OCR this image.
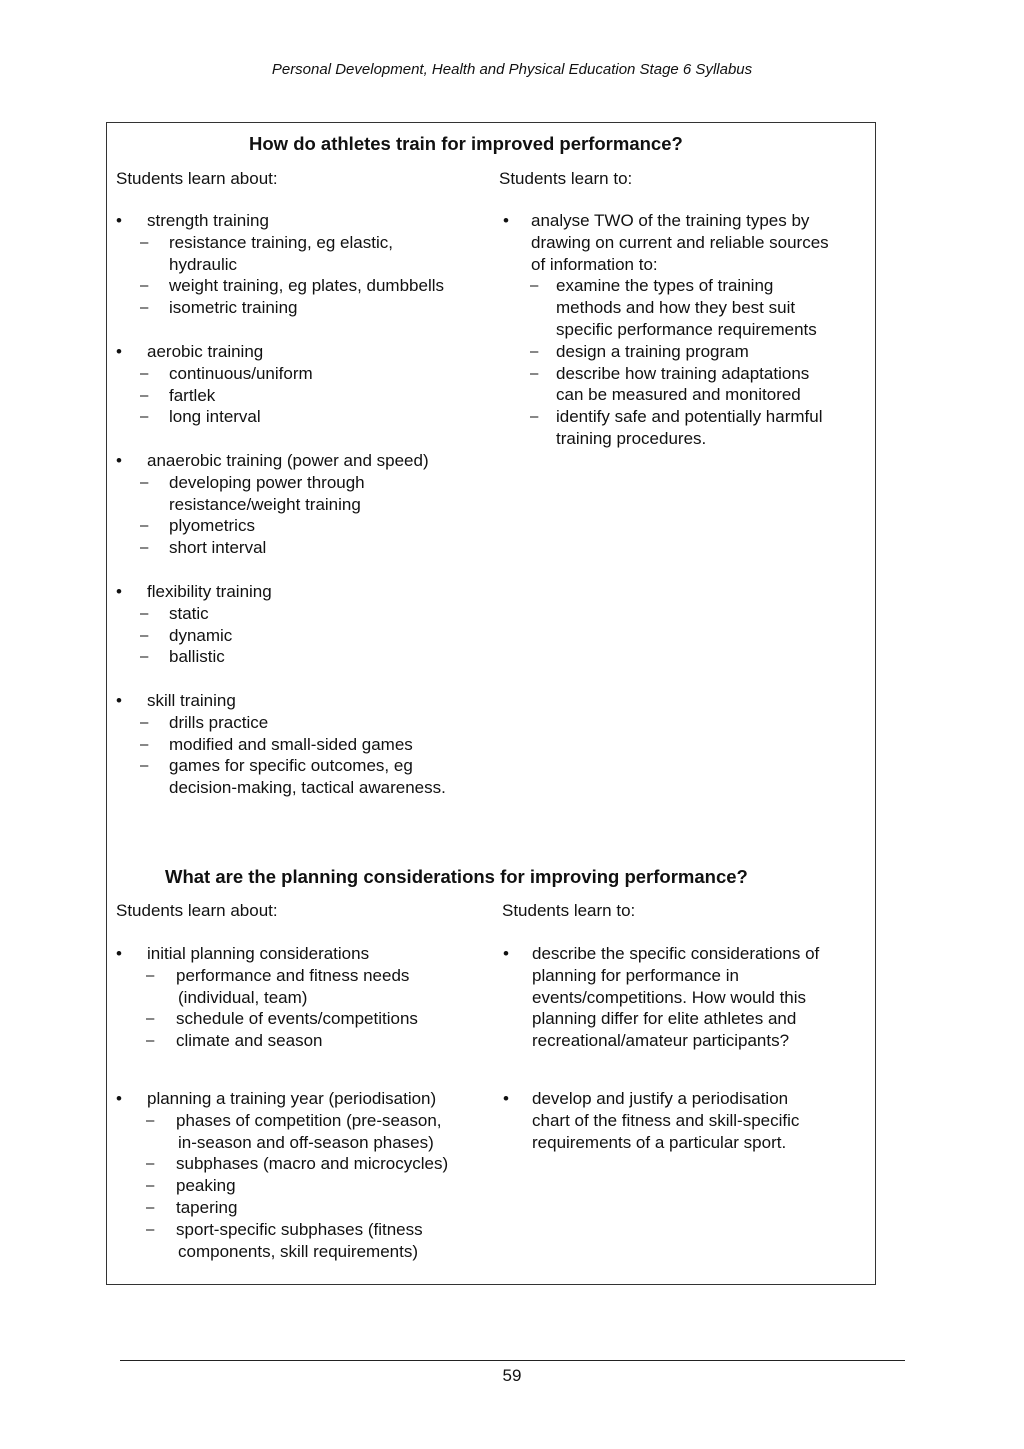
Personal Development, Health and Physical Education Stage 6 Syllabus
How do athletes train for improved performance?
Students learn about:	Students learn to:
• strength training
– resistance training, eg elastic,
hydraulic
– weight training, eg plates, dumbbells
– isometric training
• aerobic training
– continuous/uniform
– fartlek
– long interval
• anaerobic training (power and speed)
– developing power through
resistance/weight training
– plyometrics
– short interval
• flexibility training
– static
– dynamic
– ballistic
• skill training
– drills practice
– modified and small-sided games
– games for specific outcomes, eg
decision-making, tactical awareness.
• analyse TWO of the training types by
drawing on current and reliable sources
of information to:
– examine the types of training
methods and how they best suit
specific performance requirements
– design a training program
– describe how training adaptations
can be measured and monitored
– identify safe and potentially harmful
training procedures.
What are the planning considerations for improving performance?
Students learn about:	Students learn to:
• initial planning considerations
– performance and fitness needs
(individual, team)
– schedule of events/competitions
– climate and season
• planning a training year (periodisation)
– phases of competition (pre-season,
in-season and off-season phases)
– subphases (macro and microcycles)
– peaking
– tapering
– sport-specific subphases (fitness
components, skill requirements)
• describe the specific considerations of
planning for performance in
events/competitions. How would this
planning differ for elite athletes and
recreational/amateur participants?
• develop and justify a periodisation
chart of the fitness and skill-specific
requirements of a particular sport.
59
